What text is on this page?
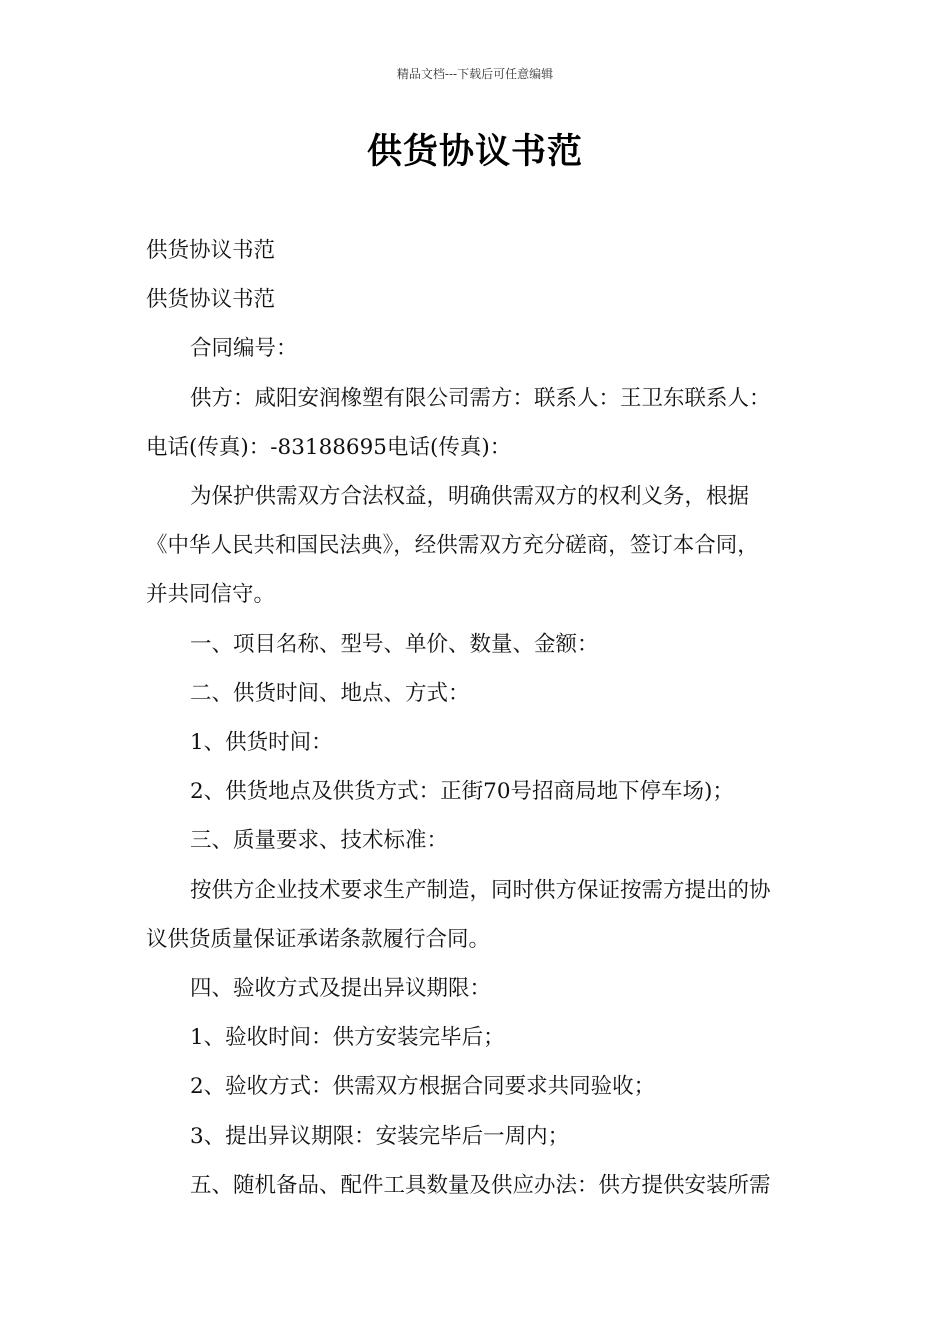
精品文档---下载后可任意编辑
供货协议书范

供货协议书范

供货协议书范

合同编号：

供方：咸阳安润橡塑有限公司需方：联系人：王卫东联系人：

电话(传真)：-83188695电话(传真)：

为保护供需双方合法权益，明确供需双方的权利义务，根据

《中华人民共和国民法典》，经供需双方充分磋商，签订本合同，

并共同信守。

一、项目名称、型号、单价、数量、金额：

二、供货时间、地点、方式：

1、供货时间：

2、供货地点及供货方式：正街70号招商局地下停车场)；

三、质量要求、技术标准：

按供方企业技术要求生产制造，同时供方保证按需方提出的协

议供货质量保证承诺条款履行合同。

四、验收方式及提出异议期限：

1、验收时间：供方安装完毕后；

2、验收方式：供需双方根据合同要求共同验收；

3、提出异议期限：安装完毕后一周内；

五、随机备品、配件工具数量及供应办法：供方提供安装所需
